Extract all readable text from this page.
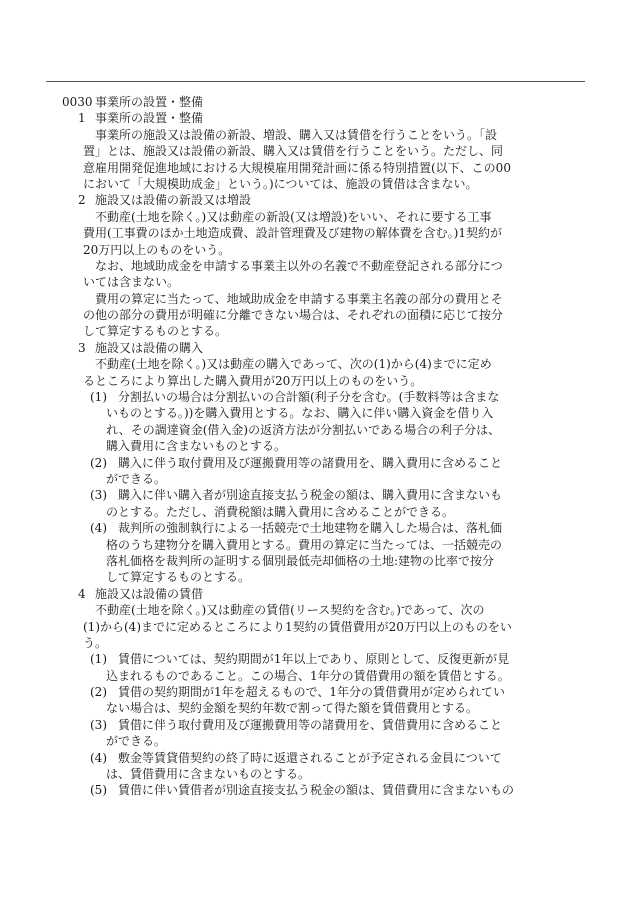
0030 事業所の設置・整備
1 事業所の設置・整備
事業所の施設又は設備の新設、増設、購入又は賃借を行うことをいう。「設
置」とは、施設又は設備の新設、購入又は賃借を行うことをいう。ただし、同
意雇用開発促進地域における大規模雇用開発計画に係る特別措置(以下、この00
において「大規模助成金」という。)については、施設の賃借は含まない。
2 施設又は設備の新設又は増設
不動産(土地を除く。)又は動産の新設(又は増設)をいい、それに要する工事
費用(工事費のほか土地造成費、設計管理費及び建物の解体費を含む。)1契約が
20万円以上のものをいう。
なお、地域助成金を申請する事業主以外の名義で不動産登記される部分につ
いては含まない。
費用の算定に当たって、地域助成金を申請する事業主名義の部分の費用とそ
の他の部分の費用が明確に分離できない場合は、それぞれの面積に応じて按分
して算定するものとする。
3 施設又は設備の購入
不動産(土地を除く。)又は動産の購入であって、次の(1)から(4)までに定め
るところにより算出した購入費用が20万円以上のものをいう。
(1) 分割払いの場合は分割払いの合計額(利子分を含む。(手数料等は含まな
いものとする。))を購入費用とする。なお、購入に伴い購入資金を借り入
れ、その調達資金(借入金)の返済方法が分割払いである場合の利子分は、
購入費用に含まないものとする。
(2) 購入に伴う取付費用及び運搬費用等の諸費用を、購入費用に含めること
ができる。
(3) 購入に伴い購入者が別途直接支払う税金の額は、購入費用に含まないも
のとする。ただし、消費税額は購入費用に含めることができる。
(4) 裁判所の強制執行による一括競売で土地建物を購入した場合は、落札価
格のうち建物分を購入費用とする。費用の算定に当たっては、一括競売の
落札価格を裁判所の証明する個別最低売却価格の土地:建物の比率で按分
して算定するものとする。
4 施設又は設備の賃借
不動産(土地を除く。)又は動産の賃借(リース契約を含む。)であって、次の
(1)から(4)までに定めるところにより1契約の賃借費用が20万円以上のものをい
う。
(1) 賃借については、契約期間が1年以上であり、原則として、反復更新が見
込まれるものであること。この場合、1年分の賃借費用の額を賃借とする。
(2) 賃借の契約期間が1年を超えるもので、1年分の賃借費用が定められてい
ない場合は、契約金額を契約年数で割って得た額を賃借費用とする。
(3) 賃借に伴う取付費用及び運搬費用等の諸費用を、賃借費用に含めること
ができる。
(4) 敷金等賃貸借契約の終了時に返還されることが予定される金員について
は、賃借費用に含まないものとする。
(5) 賃借に伴い賃借者が別途直接支払う税金の額は、賃借費用に含まないもの
